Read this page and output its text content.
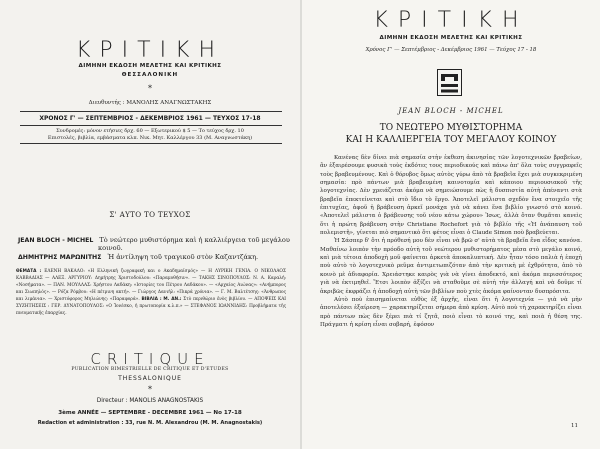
ΚΡΙΤΙΚΗ
ΔΙΜΗΝΗ ΕΚΔΟΣΗ ΜΕΛΕΤΗΣ ΚΑΙ ΚΡΙΤΙΚΗΣ
ΘΕΣΣΑΛΟΝΙΚΗ
*
Διευθυντής : ΜΑΝΟΛΗΣ ΑΝΑΓΝΩΣΤΑΚΗΣ
ΧΡΟΝΟΣ Γ' — ΣΕΠΤΕΜΒΡΙΟΣ - ΔΕΚΕΜΒΡΙΟΣ 1961 — ΤΕΥΧΟΣ 17-18
Συνδρομές: μόνον ετήσιες δρχ. 60 — Εξωτερικού $ 5 — Το τεύχος δρχ. 10
Επιστολές, βιβλία, εμβάσματα κλπ. Νικ. Μητ. Καλλέργου 33 (Μ. Αναγνωστάκη)
Σ' ΑΥΤΟ ΤΟ ΤΕΥΧΟΣ
JEAN BLOCH - MICHEL Τὸ νεώτερο μυθιστόρημα καὶ ἡ καλλιέργεια τοῦ μεγάλου
κοινοῦ.
ΔΗΜΗΤΡΗΣ ΜΑΡΩΝΙΤΗΣ Ἡ ἀντίληψη τοῦ τραγικοῦ στὸν Καζαντζάκη.
ΘΕΜΑΤΑ : ΕΛΕΝΗ ΒΑΚΑΛΟ: «Η Ελληνική ζωγραφική και ο Ακαδημαϊσμός» — Η ΛΥΡΙΚΗ ΓΕΝΙΑ. Ο ΝΙΚΟΛΑΟΣ ΚΑΒΒΑΔΙΑΣ — ΑΛΕΞ. ΑΡΓΥΡΙΟΥ: Δημήτρης Χριστοδούλου: «Παραμυθήσιν». — ΤΑΚΗΣ ΣΙΝΟΠΟΥΛΟΣ: Ν. Α. Καραλή: «Νοσήματα». — ΠΑΝ. ΜΟΥΛΛΑΣ: Χρήστου Λαδάκη: «Ιστορίες του Πέτρου Λαδάκου». — «Αρχαίος Αιώνας»: «Ανήμπορος και Σιωπηλός». — Ρόζα Ρόμβου: «Η πέτρινη ακτή». — Γιώργος Δανιήλ: «Πικρά χρόνια». — Γ. Μ. Βαλτέτσης: «Άνθρωπος και λιμάνια». — Χριστόφορος Μηλιώνης: «Παραφορά». ΒΙΒΛΙΑ : Μ. ΑΝ.: Στὸ περιθώριο ἑνὸς βιβλίου. — ΑΠΟΨΕΙΣ ΚΑΙ ΣΥΖΗΤΗΣΕΙΣ : ΓΕΡ. ΔΥΝΑΤΟΠΟΥΛΟΣ: «Ο Ἰονέσκο, ἡ πρωτοπορία κ.λ.π.» — ΣΤΕΦΑΝΟΣ ΙΩΑΝΝΙΔΗΣ: Προβλήματα τῆς πνευματικῆς ἐπαρχίας.
CRITIQUE
PUBLICATION BIMESTRIELLE DE CRITIQUE ET D'ETUDES
THESSALONIQUE
*
Directeur : MANOLIS ANAGNOSTAKIS
3ème ANNÉE — SEPTEMBRE - DECEMBRE 1961 — No 17-18
Redaction et administration : 33, rue N. M. Alexandrou (M. M. Anagnostakis)
ΚΡΙΤΙΚΗ
ΔΙΜΗΝΗ ΕΚΔΟΣΗ ΜΕΛΕΤΗΣ ΚΑΙ ΚΡΙΤΙΚΗΣ
Χρόνος Γ' — Σεπτέμβριος - Δεκέμβριος 1961 — Τεύχος 17 - 18
JEAN BLOCH - MICHEL
ΤΟ ΝΕΩΤΕΡΟ ΜΥΘΙΣΤΟΡΗΜΑ
ΚΑΙ Η ΚΑΛΛΙΕΡΓΕΙΑ ΤΟΥ ΜΕΓΑΛΟΥ ΚΟΙΝΟΥ

Κανένας δὲν δίνει πιὰ σημασία στὴν ἐκθεση ἀκινησίας τῶν λογοτεχνικῶν βραβείων, ἂν ἐξαιρέσουμε φυσικὰ τοὺς ἐκδότες τους περιοδικούς καὶ πάνω ἀπ' ὅλα τοὺς συγγραφεῖς τοὺς βραβευμένους. Καὶ ὁ θόρυβος ὅμως αὐτὸς γύρω ἀπὸ τὰ βραβεῖα ἔχει μιὰ συγκεκριμένη σημασία: πρὸ πάντων μιὰ βραβευμένη καινοτομία καὶ κάποιου περιουσιακοῦ τῆς λογοτεχνίας. Δὲν χρειάζεται ἀκόμα νὰ σημειώσουμε πὼς ἡ δυσπιστία αὐτὴ ἀπέναντι στὰ βραβεῖα ἐπεκτείνεται καὶ στὸ ἴδιο τὸ ἔργο. Ἀποτελεῖ μάλιστα σχεδὸν ἔνα στοιχεῖο τῆς ἐπιτυχίας, ἀφοῦ ἡ βράβευση ἀρκεῖ μονάχα γιὰ νὰ κάνει ἕνα βιβλίο γνωστό στὸ κοινό. «Ἀποτελεῖ μάλιστα ὁ βράβευσης τοῦ νέου κάτω χώρου» Ἰσως, ἀλλὰ ὅταν θυμᾶται κανεὶς ὅτι ἡ πρώτη βράβευση στὴν Christiane Rochefort γιὰ τὸ βιβλίο τῆς «Ἡ ἀνάπαυση τοῦ πολεμιστῆ», γίνεται πιὸ σημαντικὸ ὅτι φέτος εἶναι ὁ Claude Simon ποὺ βραβεύεται.

Ἡ Σάσπερ δ' ὅτι ἡ πρόθεσή μου δὲν εἶναι νὰ βρῶ σ' αὐτὰ τὰ βραβεῖα ἕνα εἶδος κανόνα. Μαθαίνω λοιπὸν τὴν πρόοδο αὐτὴ τοῦ νεώτερου μυθιστορήματος μέσα στὸ μεγάλο κοινό, καὶ μιὰ τέτοια ἀποδοχὴ μοῦ φαίνεται ἀρκετὰ ἀποκαλυπτική. Δὲν ἦταν τόσο παλιὰ ἡ ἐποχὴ ποὺ αὐτὸ τὸ λογοτεχνικὸ ρεῦμα ἀντιμετωπιζόταν ἀπὸ τὴν κριτικὴ μὲ ἐχθρότητα, ἀπὸ τὸ κοινὸ μὲ ἀδιαφορία. Χρειάστηκε καιρὸς γιὰ νὰ γίνει ἀποδεκτό, καὶ ἀκόμα περισσότερος γιὰ νὰ ἐκτιμηθεῖ. Ἔτσι λοιπὸν ἀξίζει νὰ σταθοῦμε σὲ αὐτὴ τὴν ἀλλαγή καὶ νὰ δοῦμε τί ἀκριβῶς ἐκφράζει ἡ ἀποδοχὴ αὐτὴ τῶν βιβλίων ποὺ χτὲς ἀκόμα φαίνονταν δυσπρόσιτα.

Αὐτὸ ποὺ ἐπισημαίνεται εὐθὺς ἐξ ἀρχῆς, εἶναι ὅτι ἡ λογοτεχνία — γιὰ νὰ μὴν ἀποτελέσει ἐξαίρεση — χαρακτηρίζεται σήμερα ἀπὸ κρίση. Αὐτὸ ποὺ τὴ χαρακτηρίζει εἶναι πρὸ πάντων πὼς δὲν ξέρει πιὰ τί ζητᾶ, ποιὸ εἶναι τὸ κοινό της, καὶ ποιὰ ἡ θέση της. Πράγματι ἡ κρίση εἶναι σοβαρή, ἐφόσον

11
